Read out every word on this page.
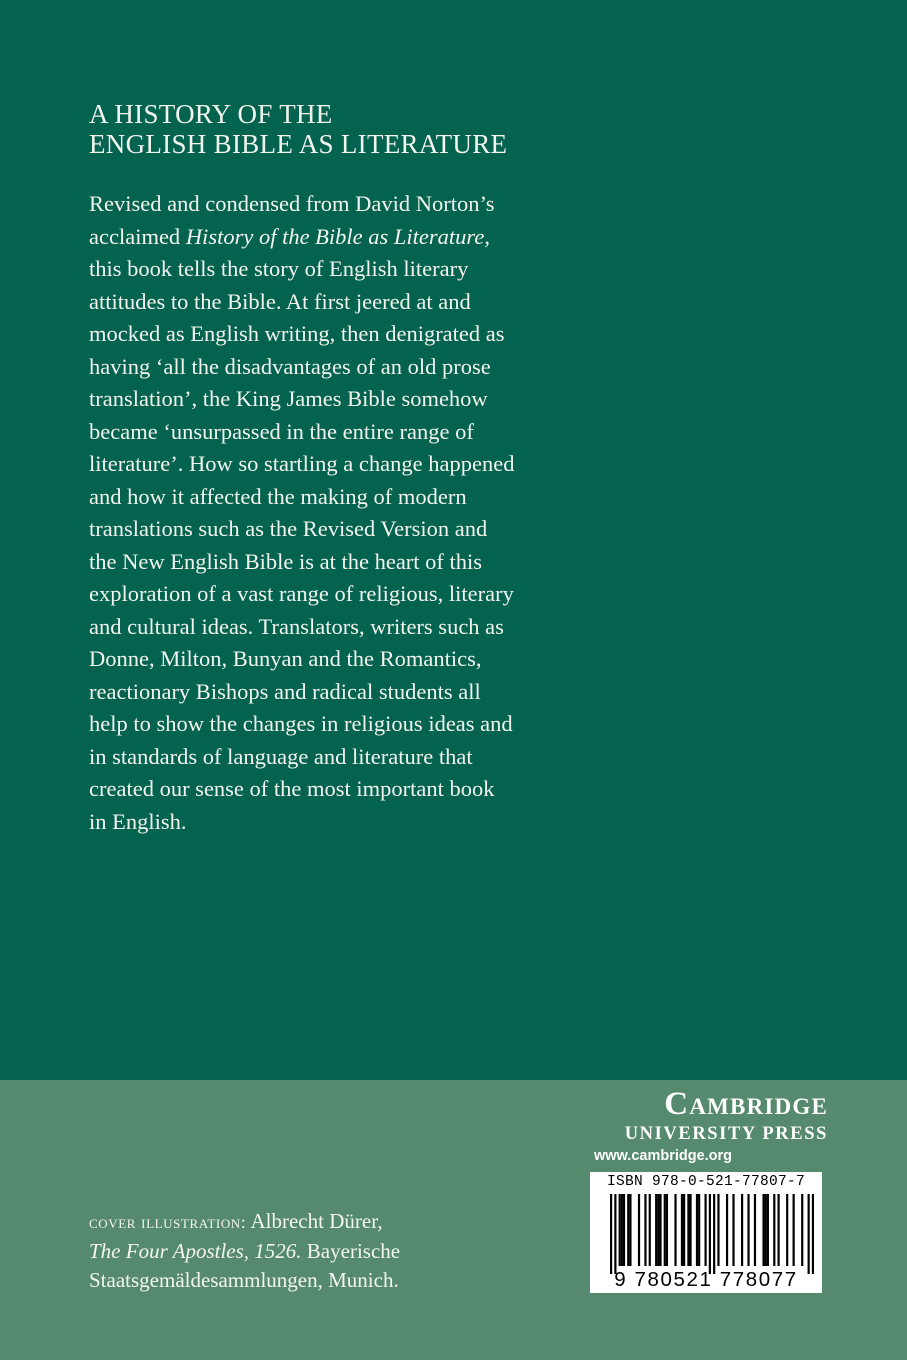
A HISTORY OF THE
ENGLISH BIBLE AS LITERATURE

Revised and condensed from David Norton’s
acclaimed History of the Bible as Literature,
this book tells the story of English literary
attitudes to the Bible. At first jeered at and
mocked as English writing, then denigrated as
having ‘all the disadvantages of an old prose
translation’, the King James Bible somehow
became ‘unsurpassed in the entire range of
literature’. How so startling a change happened
and how it affected the making of modern
translations such as the Revised Version and
the New English Bible is at the heart of this
exploration of a vast range of religious, literary
and cultural ideas. Translators, writers such as
Donne, Milton, Bunyan and the Romantics,
reactionary Bishops and radical students all
help to show the changes in religious ideas and
in standards of language and literature that
created our sense of the most important book
in English.

cover illustration: Albrecht Dürer,
The Four Apostles, 1526. Bayerische
Staatsgemäldesammlungen, Munich.
Cambridge
UNIVERSITY PRESS
www.cambridge.org
ISBN 978-0-521-77807-7
9 780521 778077
